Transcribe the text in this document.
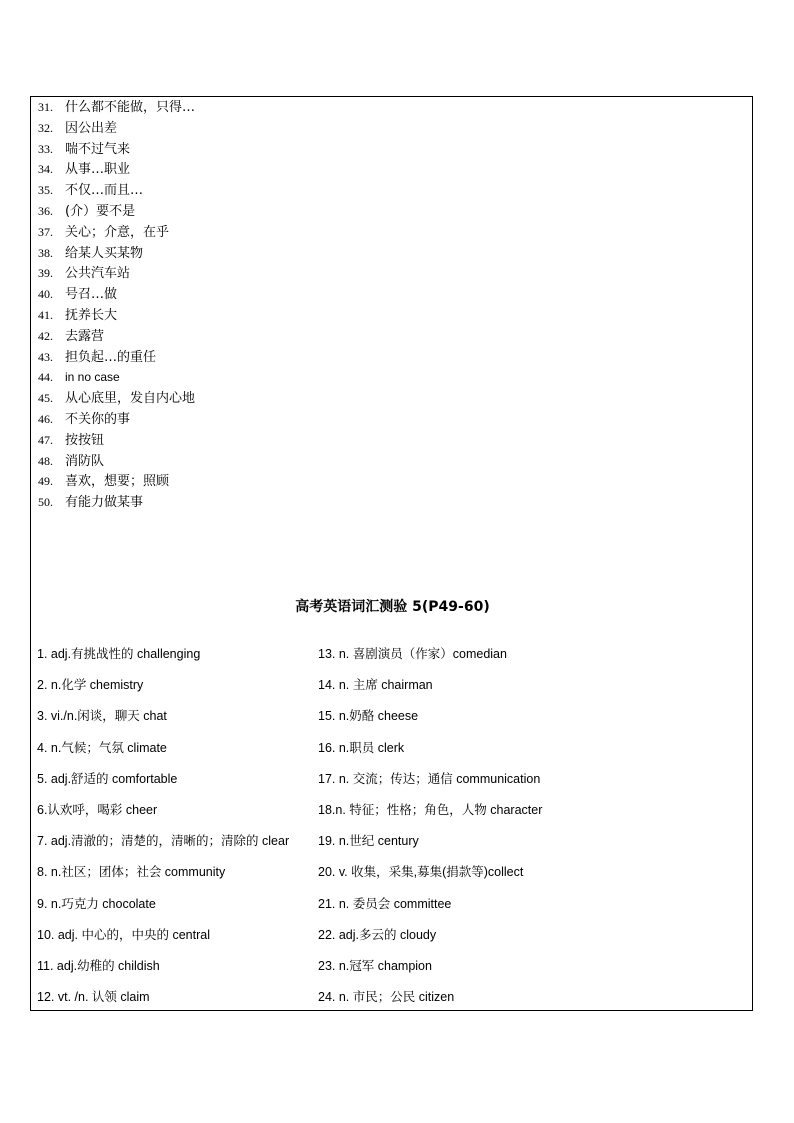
31. 什么都不能做，只得…
32. 因公出差
33. 喘不过气来
34. 从事…职业
35. 不仅…而且…
36. (介）要不是
37. 关心；介意，在乎
38. 给某人买某物
39. 公共汽车站
40. 号召…做
41. 抚养长大
42. 去露营
43. 担负起…的重任
44. in no case
45. 从心底里，发自内心地
46. 不关你的事
47. 按按钮
48. 消防队
49. 喜欢，想要；照顾
50. 有能力做某事
高考英语词汇测验 5(P49-60)
1. adj.有挑战性的 challenging	13. n. 喜剧演员（作家）comedian
2. n.化学 chemistry	14. n. 主席 chairman
3. vi./n.闲谈，聊天 chat	15. n.奶酪 cheese
4. n.气候；气氛 climate	16. n.职员 clerk
5. adj.舒适的 comfortable	17. n. 交流；传达；通信 communication
6.认欢呼，喝彩 cheer	18.n. 特征；性格；角色，人物 character
7. adj.清澈的；清楚的，清晰的；清除的 clear 19. n.世纪 century
8. n.社区；团体；社会 community	20. v. 收集，采集,募集(捐款等)collect
9. n.巧克力 chocolate	21. n. 委员会 committee
10. adj. 中心的，中央的 central	22. adj.多云的 cloudy
11. adj.幼稚的 childish	23. n.冠军 champion
12. vt. /n. 认领 claim	24. n. 市民；公民 citizen
